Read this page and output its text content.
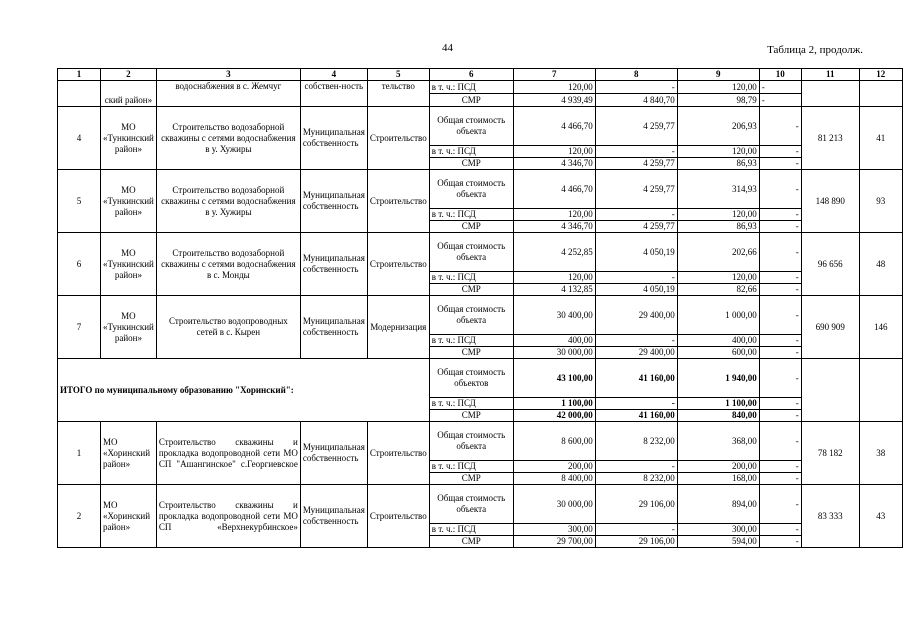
44	Таблица 2, продолж.
1	2	3	4	5	6	7	8	9	10	11	12
	ский район»	водоснабжения в с. Жемчуг	собствен-ность	тельство	в т. ч.: ПСД	120,00	-	120,00	-		
					СМР	4 939,49	4 840,70	98,79	-		
4	МО «Тункинский район»	Строительство водозаборной скважины с сетями водоснабжения в у. Хужиры	Муниципальная собственность	Строительство	Общая стоимость объекта	4 466,70	4 259,77	206,93	-	81 213	41
					в т. ч.: ПСД	120,00	-	120,00	-		
					СМР	4 346,70	4 259,77	86,93	-		
5	МО «Тункинский район»	Строительство водозаборной скважины с сетями водоснабжения в у. Хужиры	Муниципальная собственность	Строительство	Общая стоимость объекта	4 466,70	4 259,77	314,93	-	148 890	93
					в т. ч.: ПСД	120,00	-	120,00	-		
					СМР	4 346,70	4 259,77	86,93	-		
6	МО «Тункинский район»	Строительство водозаборной скважины с сетями водоснабжения в с. Монды	Муниципальная собственность	Строительство	Общая стоимость объекта	4 252,85	4 050,19	202,66	-	96 656	48
					в т. ч.: ПСД	120,00	-	120,00	-		
					СМР	4 132,85	4 050,19	82,66	-		
7	МО «Тункинский район»	Строительство водопроводных сетей в с. Кырен	Муниципальная собственность	Модернизация	Общая стоимость объекта	30 400,00	29 400,00	1 000,00	-	690 909	146
					в т. ч.: ПСД	400,00	-	400,00	-		
					СМР	30 000,00	29 400,00	600,00	-		
ИТОГО по муниципальному образованию "Хоринский":					Общая стоимость объектов	43 100,00	41 160,00	1 940,00	-		
					в т. ч.: ПСД	1 100,00	-	1 100,00	-		
					СМР	42 000,00	41 160,00	840,00	-		
1	МО «Хоринский район»	Строительство скважины и прокладка водопроводной сети МО СП "Ашангинское" с.Георгиевское	Муниципальная собственность	Строительство	Общая стоимость объекта	8 600,00	8 232,00	368,00	-	78 182	38
					в т. ч.: ПСД	200,00	-	200,00	-		
					СМР	8 400,00	8 232,00	168,00	-		
2	МО «Хоринский район»	Строительство скважины и прокладка водопроводной сети МО СП «Верхнекурбинское»	Муниципальная собственность	Строительство	Общая стоимость объекта	30 000,00	29 106,00	894,00	-	83 333	43
					в т. ч.: ПСД	300,00	-	300,00	-		
					СМР	29 700,00	29 106,00	594,00	-		
